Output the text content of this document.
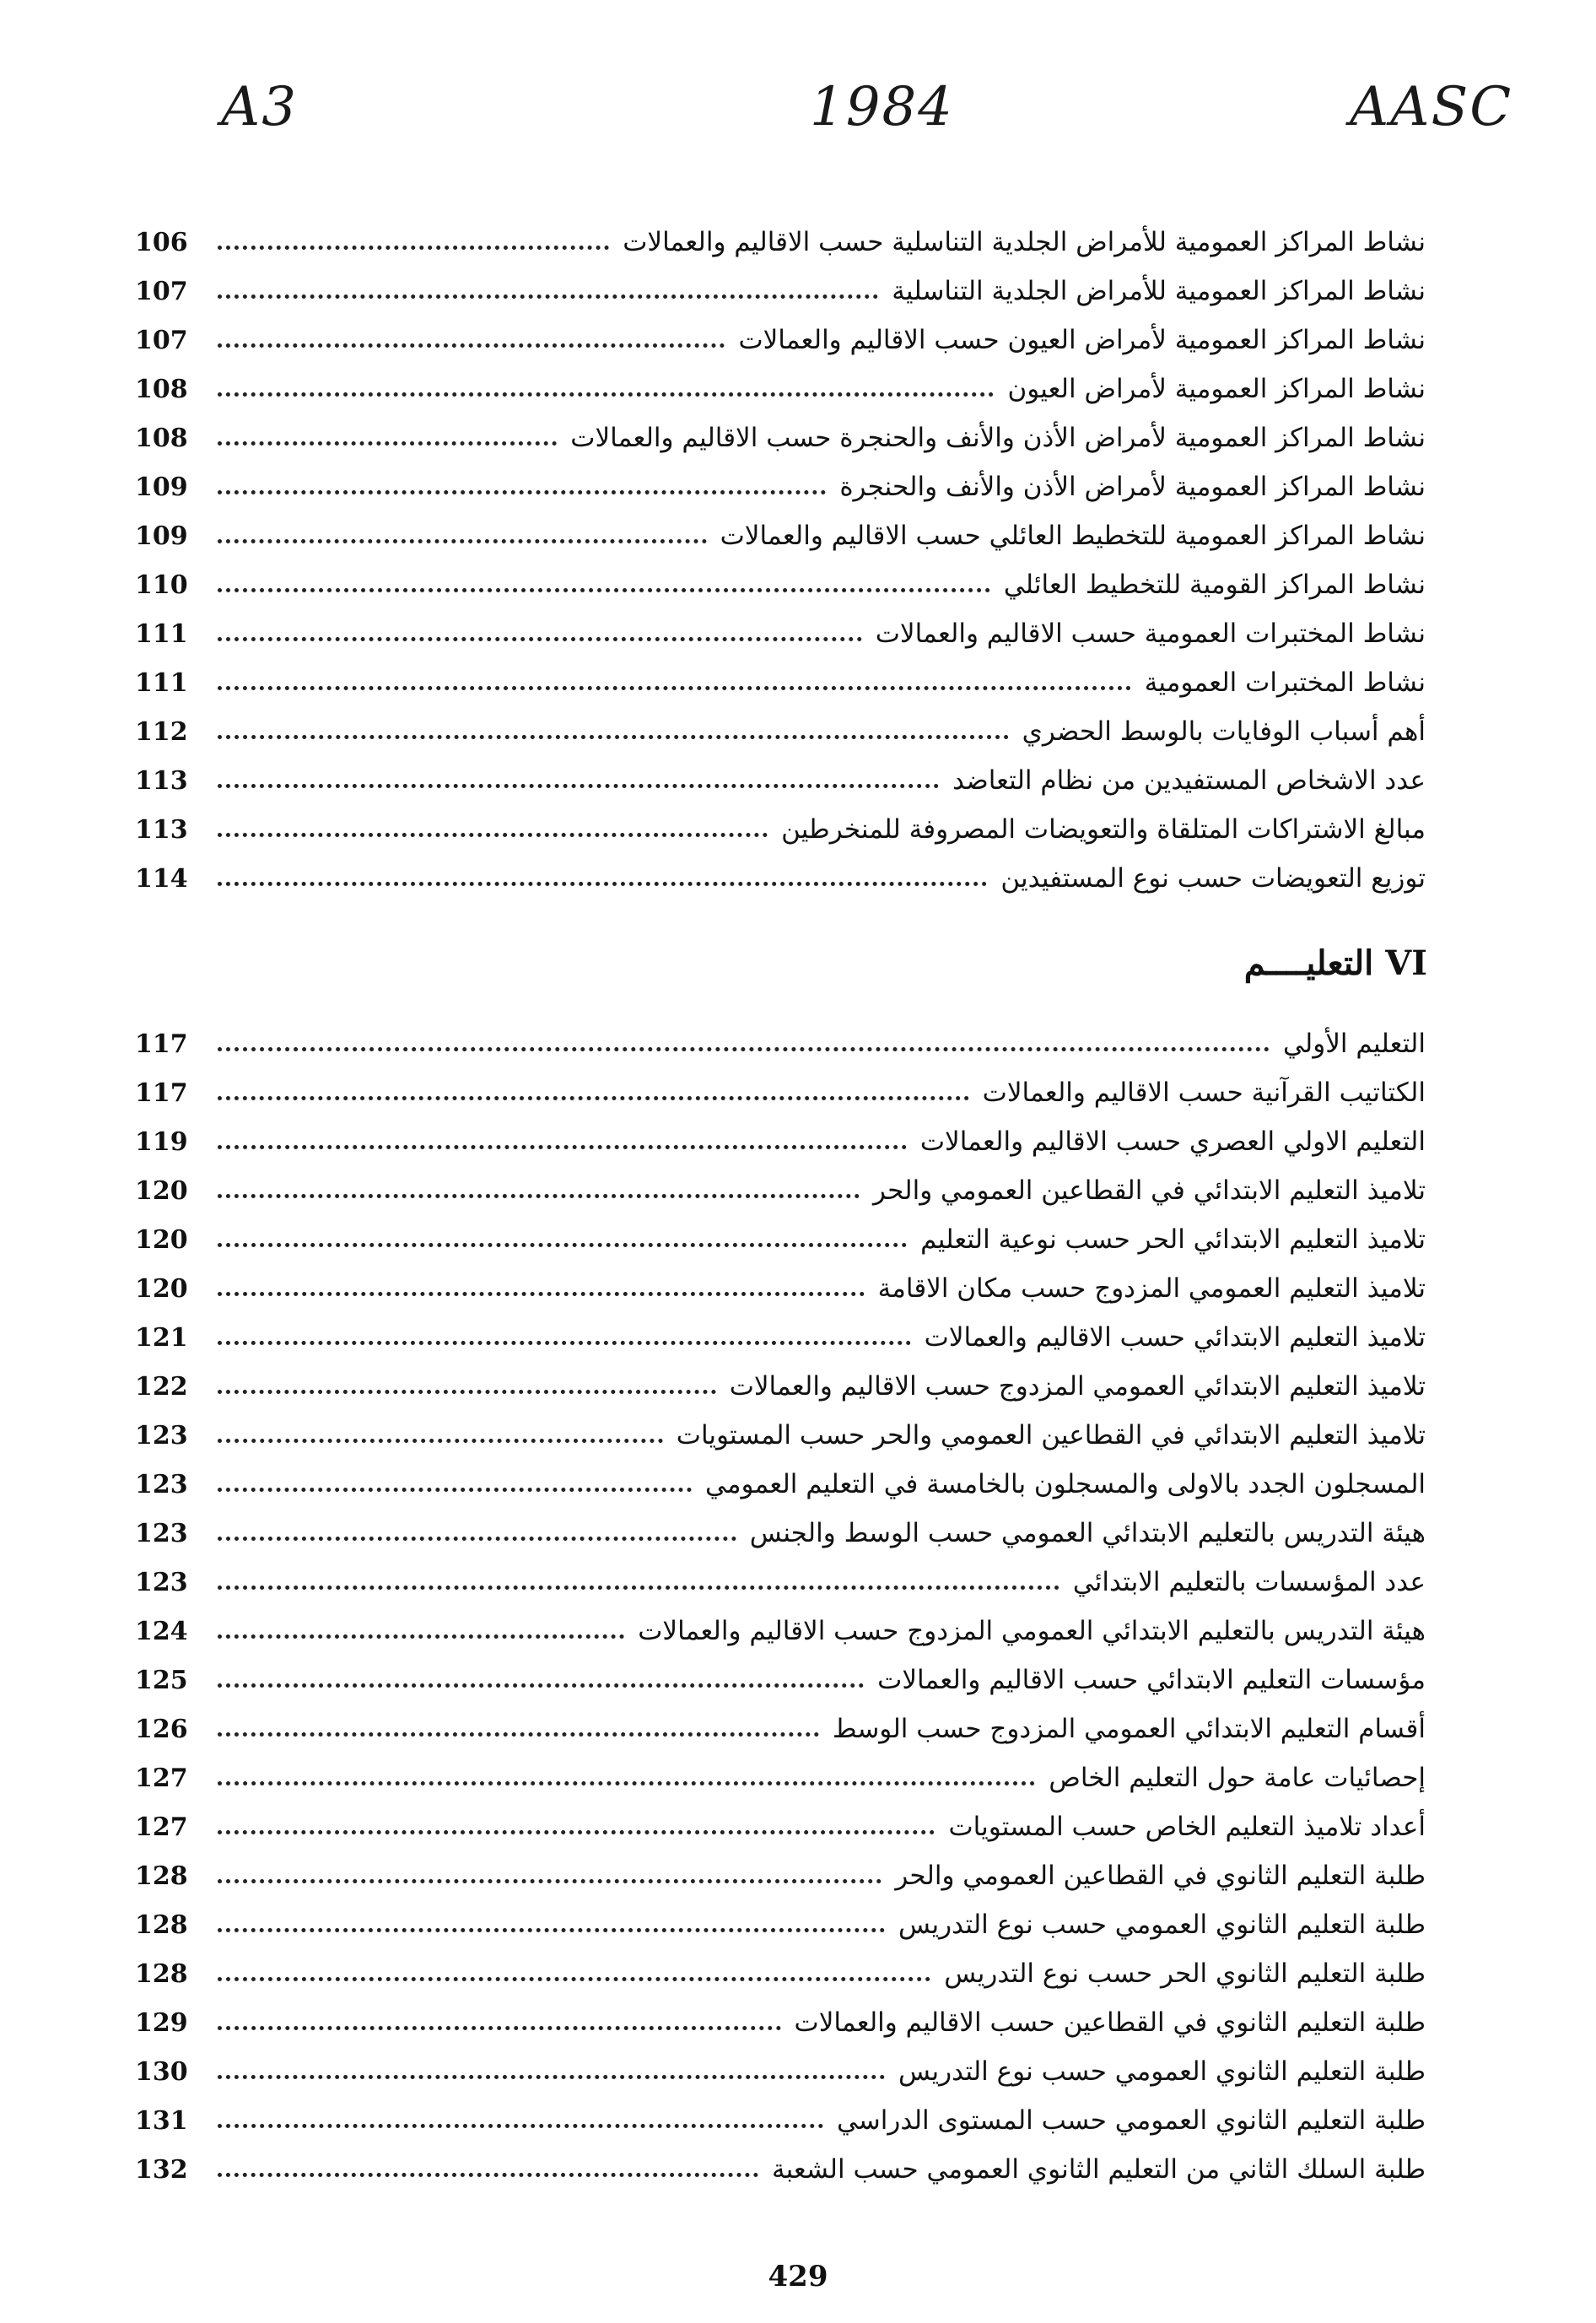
A3	1984	AASC
نشاط المراكز العمومية للأمراض الجلدية التناسلية حسب الاقاليم والعمالات
106
نشاط المراكز العمومية للأمراض الجلدية التناسلية
107
نشاط المراكز العمومية لأمراض العيون حسب الاقاليم والعمالات
107
نشاط المراكز العمومية لأمراض العيون
108
نشاط المراكز العمومية لأمراض الأذن والأنف والحنجرة حسب الاقاليم والعمالات
108
نشاط المراكز العمومية لأمراض الأذن والأنف والحنجرة
109
نشاط المراكز العمومية للتخطيط العائلي حسب الاقاليم والعمالات
109
نشاط المراكز القومية للتخطيط العائلي
110
نشاط المختبرات العمومية حسب الاقاليم والعمالات
111
نشاط المختبرات العمومية
111
أهم أسباب الوفايات بالوسط الحضري
112
عدد الاشخاص المستفيدين من نظام التعاضد
113
مبالغ الاشتراكات المتلقاة والتعويضات المصروفة للمنخرطين
113
توزيع التعويضات حسب نوع المستفيدين
114
VI
التعليــــم
التعليم الأولي
117
الكتاتيب القرآنية حسب الاقاليم والعمالات
117
التعليم الاولي العصري حسب الاقاليم والعمالات
119
تلاميذ التعليم الابتدائي في القطاعين العمومي والحر
120
تلاميذ التعليم الابتدائي الحر حسب نوعية التعليم
120
تلاميذ التعليم العمومي المزدوج حسب مكان الاقامة
120
تلاميذ التعليم الابتدائي حسب الاقاليم والعمالات
121
تلاميذ التعليم الابتدائي العمومي المزدوج حسب الاقاليم والعمالات
122
تلاميذ التعليم الابتدائي في القطاعين العمومي والحر حسب المستويات
123
المسجلون الجدد بالاولى والمسجلون بالخامسة في التعليم العمومي
123
هيئة التدريس بالتعليم الابتدائي العمومي حسب الوسط والجنس
123
عدد المؤسسات بالتعليم الابتدائي
123
هيئة التدريس بالتعليم الابتدائي العمومي المزدوج حسب الاقاليم والعمالات
124
مؤسسات التعليم الابتدائي حسب الاقاليم والعمالات
125
أقسام التعليم الابتدائي العمومي المزدوج حسب الوسط
126
إحصائيات عامة حول التعليم الخاص
127
أعداد تلاميذ التعليم الخاص حسب المستويات
127
طلبة التعليم الثانوي في القطاعين العمومي والحر
128
طلبة التعليم الثانوي العمومي حسب نوع التدريس
128
طلبة التعليم الثانوي الحر حسب نوع التدريس
128
طلبة التعليم الثانوي في القطاعين حسب الاقاليم والعمالات
129
طلبة التعليم الثانوي العمومي حسب نوع التدريس
130
طلبة التعليم الثانوي العمومي حسب المستوى الدراسي
131
طلبة السلك الثاني من التعليم الثانوي العمومي حسب الشعبة
132
429
